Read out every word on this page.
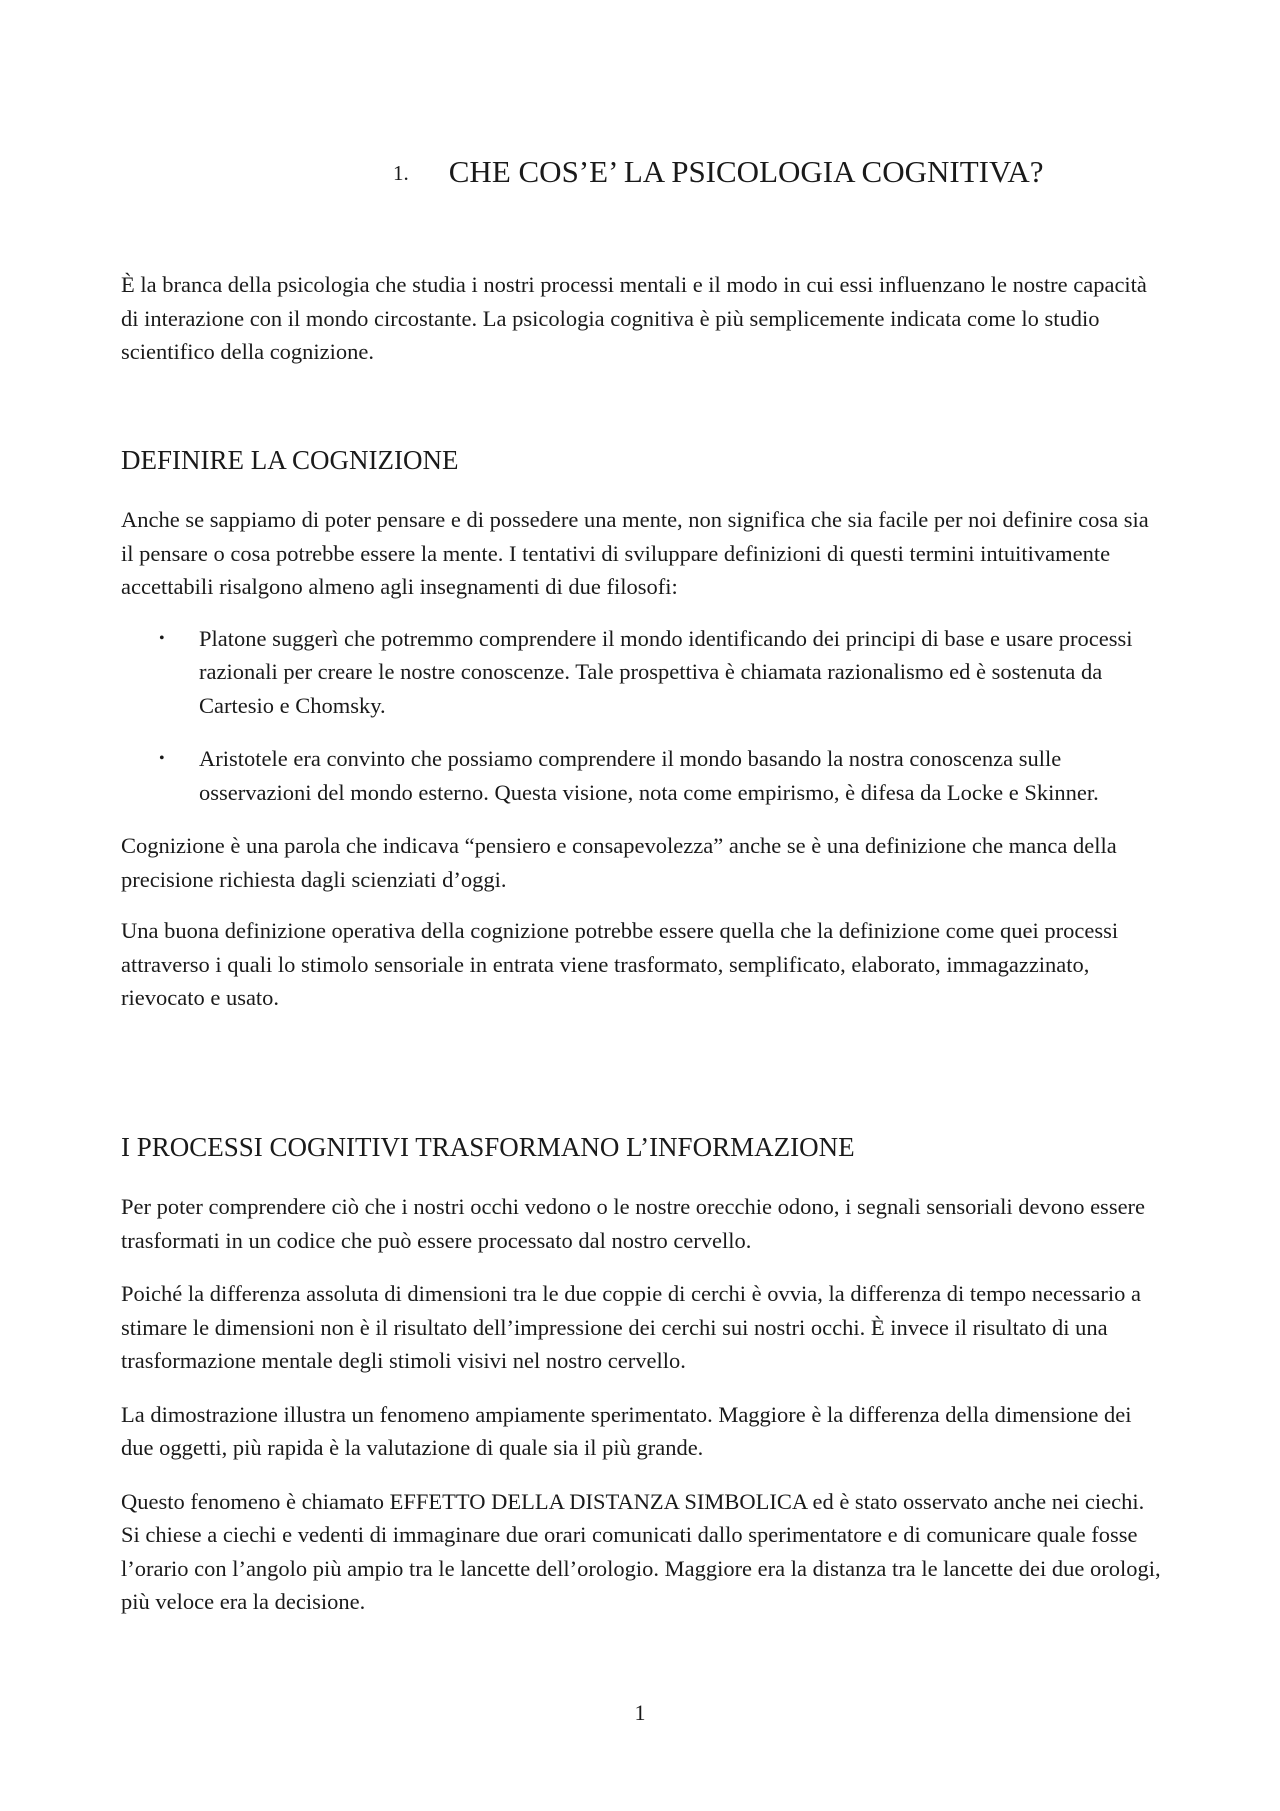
1. CHE COS’E’ LA PSICOLOGIA COGNITIVA?

È la branca della psicologia che studia i nostri processi mentali e il modo in cui essi influenzano le nostre capacità di interazione con il mondo circostante. La psicologia cognitiva è più semplicemente indicata come lo studio scientifico della cognizione.

DEFINIRE LA COGNIZIONE

Anche se sappiamo di poter pensare e di possedere una mente, non significa che sia facile per noi definire cosa sia il pensare o cosa potrebbe essere la mente. I tentativi di sviluppare definizioni di questi termini intuitivamente accettabili risalgono almeno agli insegnamenti di due filosofi:

• Platone suggerì che potremmo comprendere il mondo identificando dei principi di base e usare processi razionali per creare le nostre conoscenze. Tale prospettiva è chiamata razionalismo ed è sostenuta da Cartesio e Chomsky.
• Aristotele era convinto che possiamo comprendere il mondo basando la nostra conoscenza sulle osservazioni del mondo esterno. Questa visione, nota come empirismo, è difesa da Locke e Skinner.

Cognizione è una parola che indicava “pensiero e consapevolezza” anche se è una definizione che manca della precisione richiesta dagli scienziati d’oggi.

Una buona definizione operativa della cognizione potrebbe essere quella che la definizione come quei processi attraverso i quali lo stimolo sensoriale in entrata viene trasformato, semplificato, elaborato, immagazzinato, rievocato e usato.

I PROCESSI COGNITIVI TRASFORMANO L’INFORMAZIONE

Per poter comprendere ciò che i nostri occhi vedono o le nostre orecchie odono, i segnali sensoriali devono essere trasformati in un codice che può essere processato dal nostro cervello.

Poiché la differenza assoluta di dimensioni tra le due coppie di cerchi è ovvia, la differenza di tempo necessario a stimare le dimensioni non è il risultato dell’impressione dei cerchi sui nostri occhi. È invece il risultato di una trasformazione mentale degli stimoli visivi nel nostro cervello.

La dimostrazione illustra un fenomeno ampiamente sperimentato. Maggiore è la differenza della dimensione dei due oggetti, più rapida è la valutazione di quale sia il più grande.

Questo fenomeno è chiamato EFFETTO DELLA DISTANZA SIMBOLICA ed è stato osservato anche nei ciechi. Si chiese a ciechi e vedenti di immaginare due orari comunicati dallo sperimentatore e di comunicare quale fosse l’orario con l’angolo più ampio tra le lancette dell’orologio. Maggiore era la distanza tra le lancette dei due orologi, più veloce era la decisione.

1
